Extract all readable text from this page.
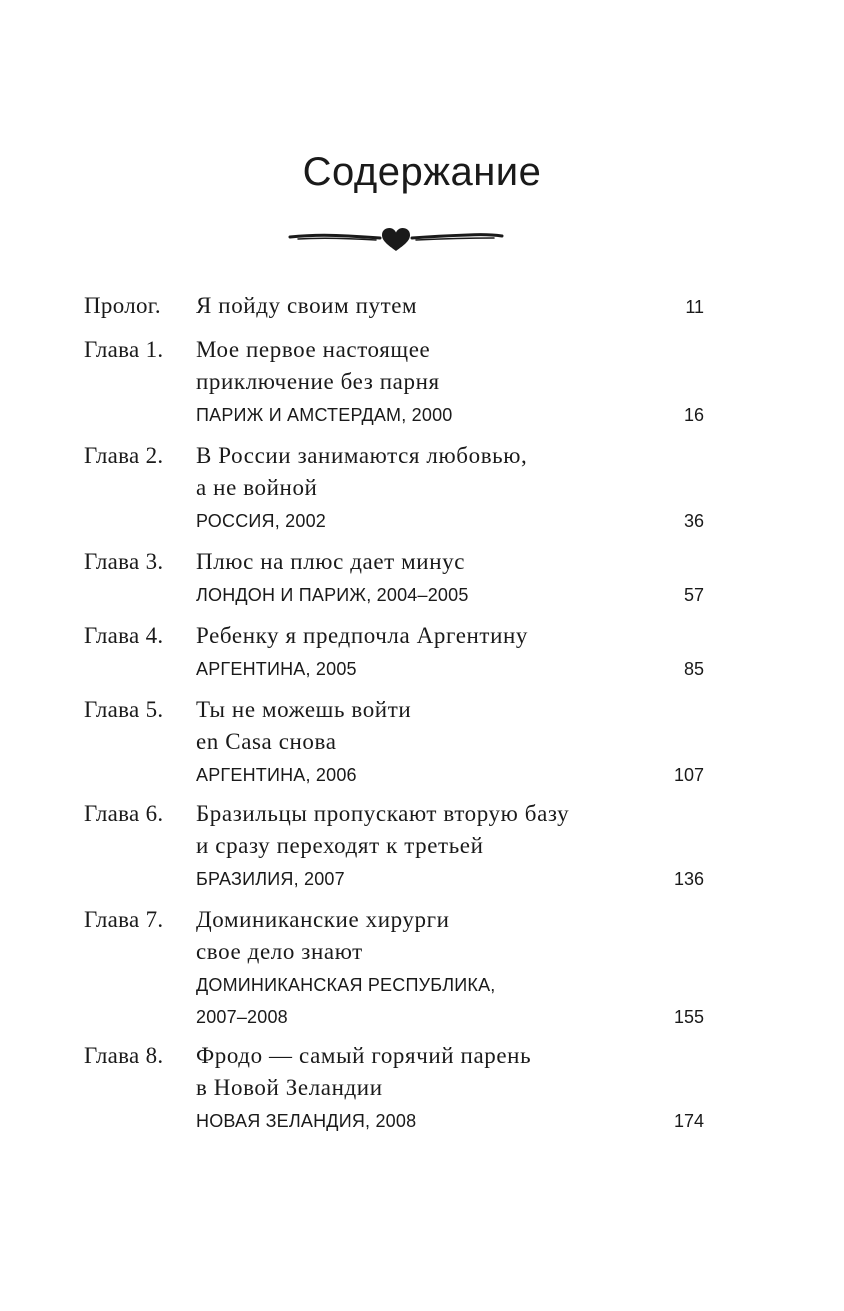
Содержание
Пролог. Я пойду своим путем	11
Глава 1. Мое первое настоящее
приключение без парня
ПАРИЖ И АМСТЕРДАМ, 2000	16
Глава 2. В России занимаются любовью,
а не войной
РОССИЯ, 2002	36
Глава 3. Плюс на плюс дает минус
ЛОНДОН И ПАРИЖ, 2004–2005	57
Глава 4. Ребенку я предпочла Аргентину
АРГЕНТИНА, 2005	85
Глава 5. Ты не можешь войти
en Casa снова
АРГЕНТИНА, 2006	107
Глава 6. Бразильцы пропускают вторую базу
и сразу переходят к третьей
БРАЗИЛИЯ, 2007	136
Глава 7. Доминиканские хирурги
свое дело знают
ДОМИНИКАНСКАЯ РЕСПУБЛИКА,
2007–2008	155
Глава 8. Фродо — самый горячий парень
в Новой Зеландии
НОВАЯ ЗЕЛАНДИЯ, 2008	174
